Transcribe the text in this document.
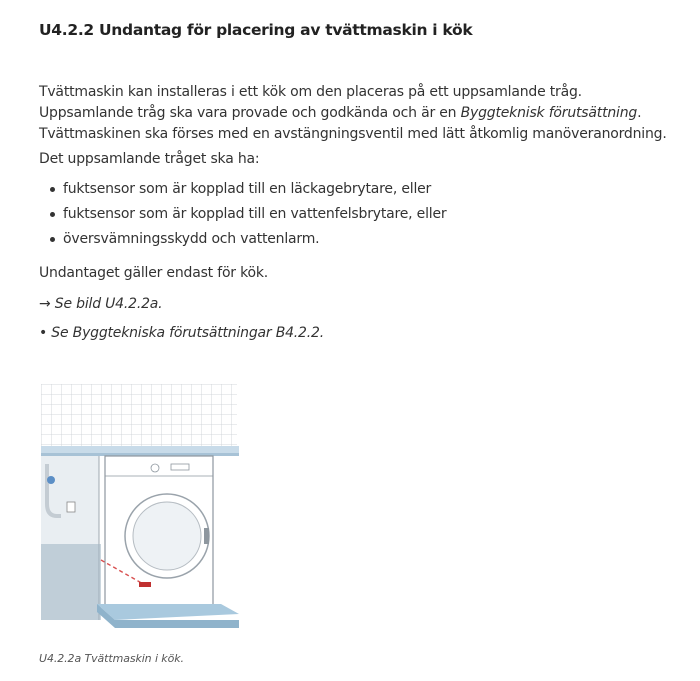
U4.2.2 Undantag för placering av tvättmaskin i kök

Tvättmaskin kan installeras i ett kök om den placeras på ett uppsamlande tråg. Uppsamlande tråg ska vara provade och godkända och är en Byggteknisk förutsättning. Tvättmaskinen ska förses med en avstängningsventil med lätt åtkomlig manöveranordning.

Det uppsamlande tråget ska ha:

fuktsensor som är kopplad till en läckagebrytare, eller
fuktsensor som är kopplad till en vattenfelsbrytare, eller
översvämningsskydd och vattenlarm.

Undantaget gäller endast för kök.

→ Se bild U4.2.2a.

• Se Byggtekniska förutsättningar B4.2.2.

U4.2.2a Tvättmaskin i kök.
